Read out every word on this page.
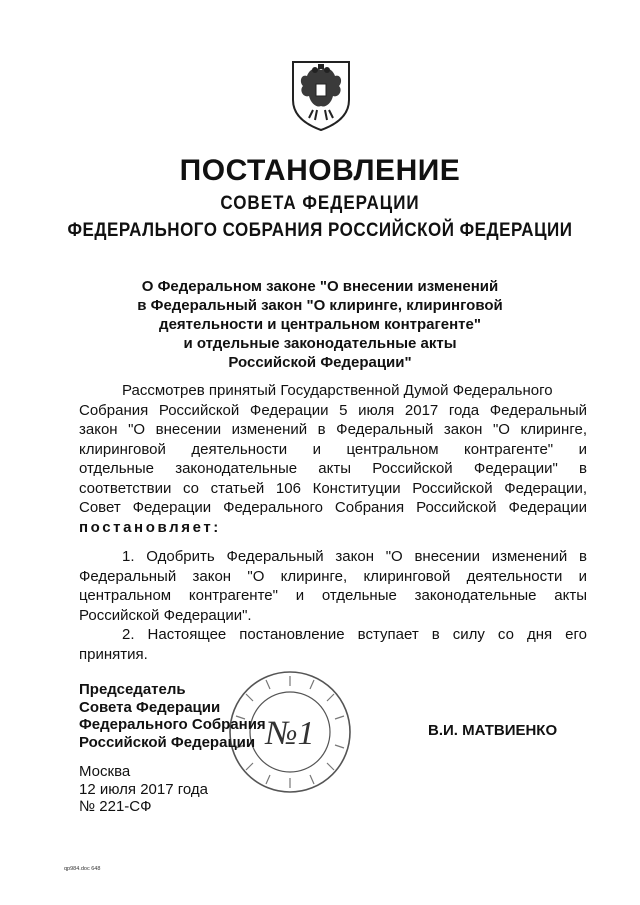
ПОСТАНОВЛЕНИЕ
СОВЕТА ФЕДЕРАЦИИ
ФЕДЕРАЛЬНОГО СОБРАНИЯ РОССИЙСКОЙ ФЕДЕРАЦИИ
О Федеральном законе "О внесении изменений
в Федеральный закон "О клиринге, клиринговой
деятельности и центральном контрагенте"
и отдельные законодательные акты
Российской Федерации"
Рассмотрев принятый Государственной Думой Федерального
Собрания Российской Федерации 5 июля 2017 года Федеральный
закон "О внесении изменений в Федеральный закон "О клиринге,
клиринговой деятельности и центральном контрагенте" и
отдельные законодательные акты Российской Федерации" в
соответствии со статьей 106 Конституции Российской Федерации,
Совет Федерации Федерального Собрания Российской Федерации
постановляет:
1. Одобрить Федеральный закон "О внесении изменений в
Федеральный закон "О клиринге, клиринговой деятельности и
центральном контрагенте" и отдельные законодательные акты
Российской Федерации".
2. Настоящее постановление вступает в силу со дня его
принятия.
№1
Председатель
Совета Федерации
Федерального Собрания
Российской Федерации
В.И. МАТВИЕНКО
Москва
12 июля 2017 года
№ 221-СФ
qp984.doc 648
